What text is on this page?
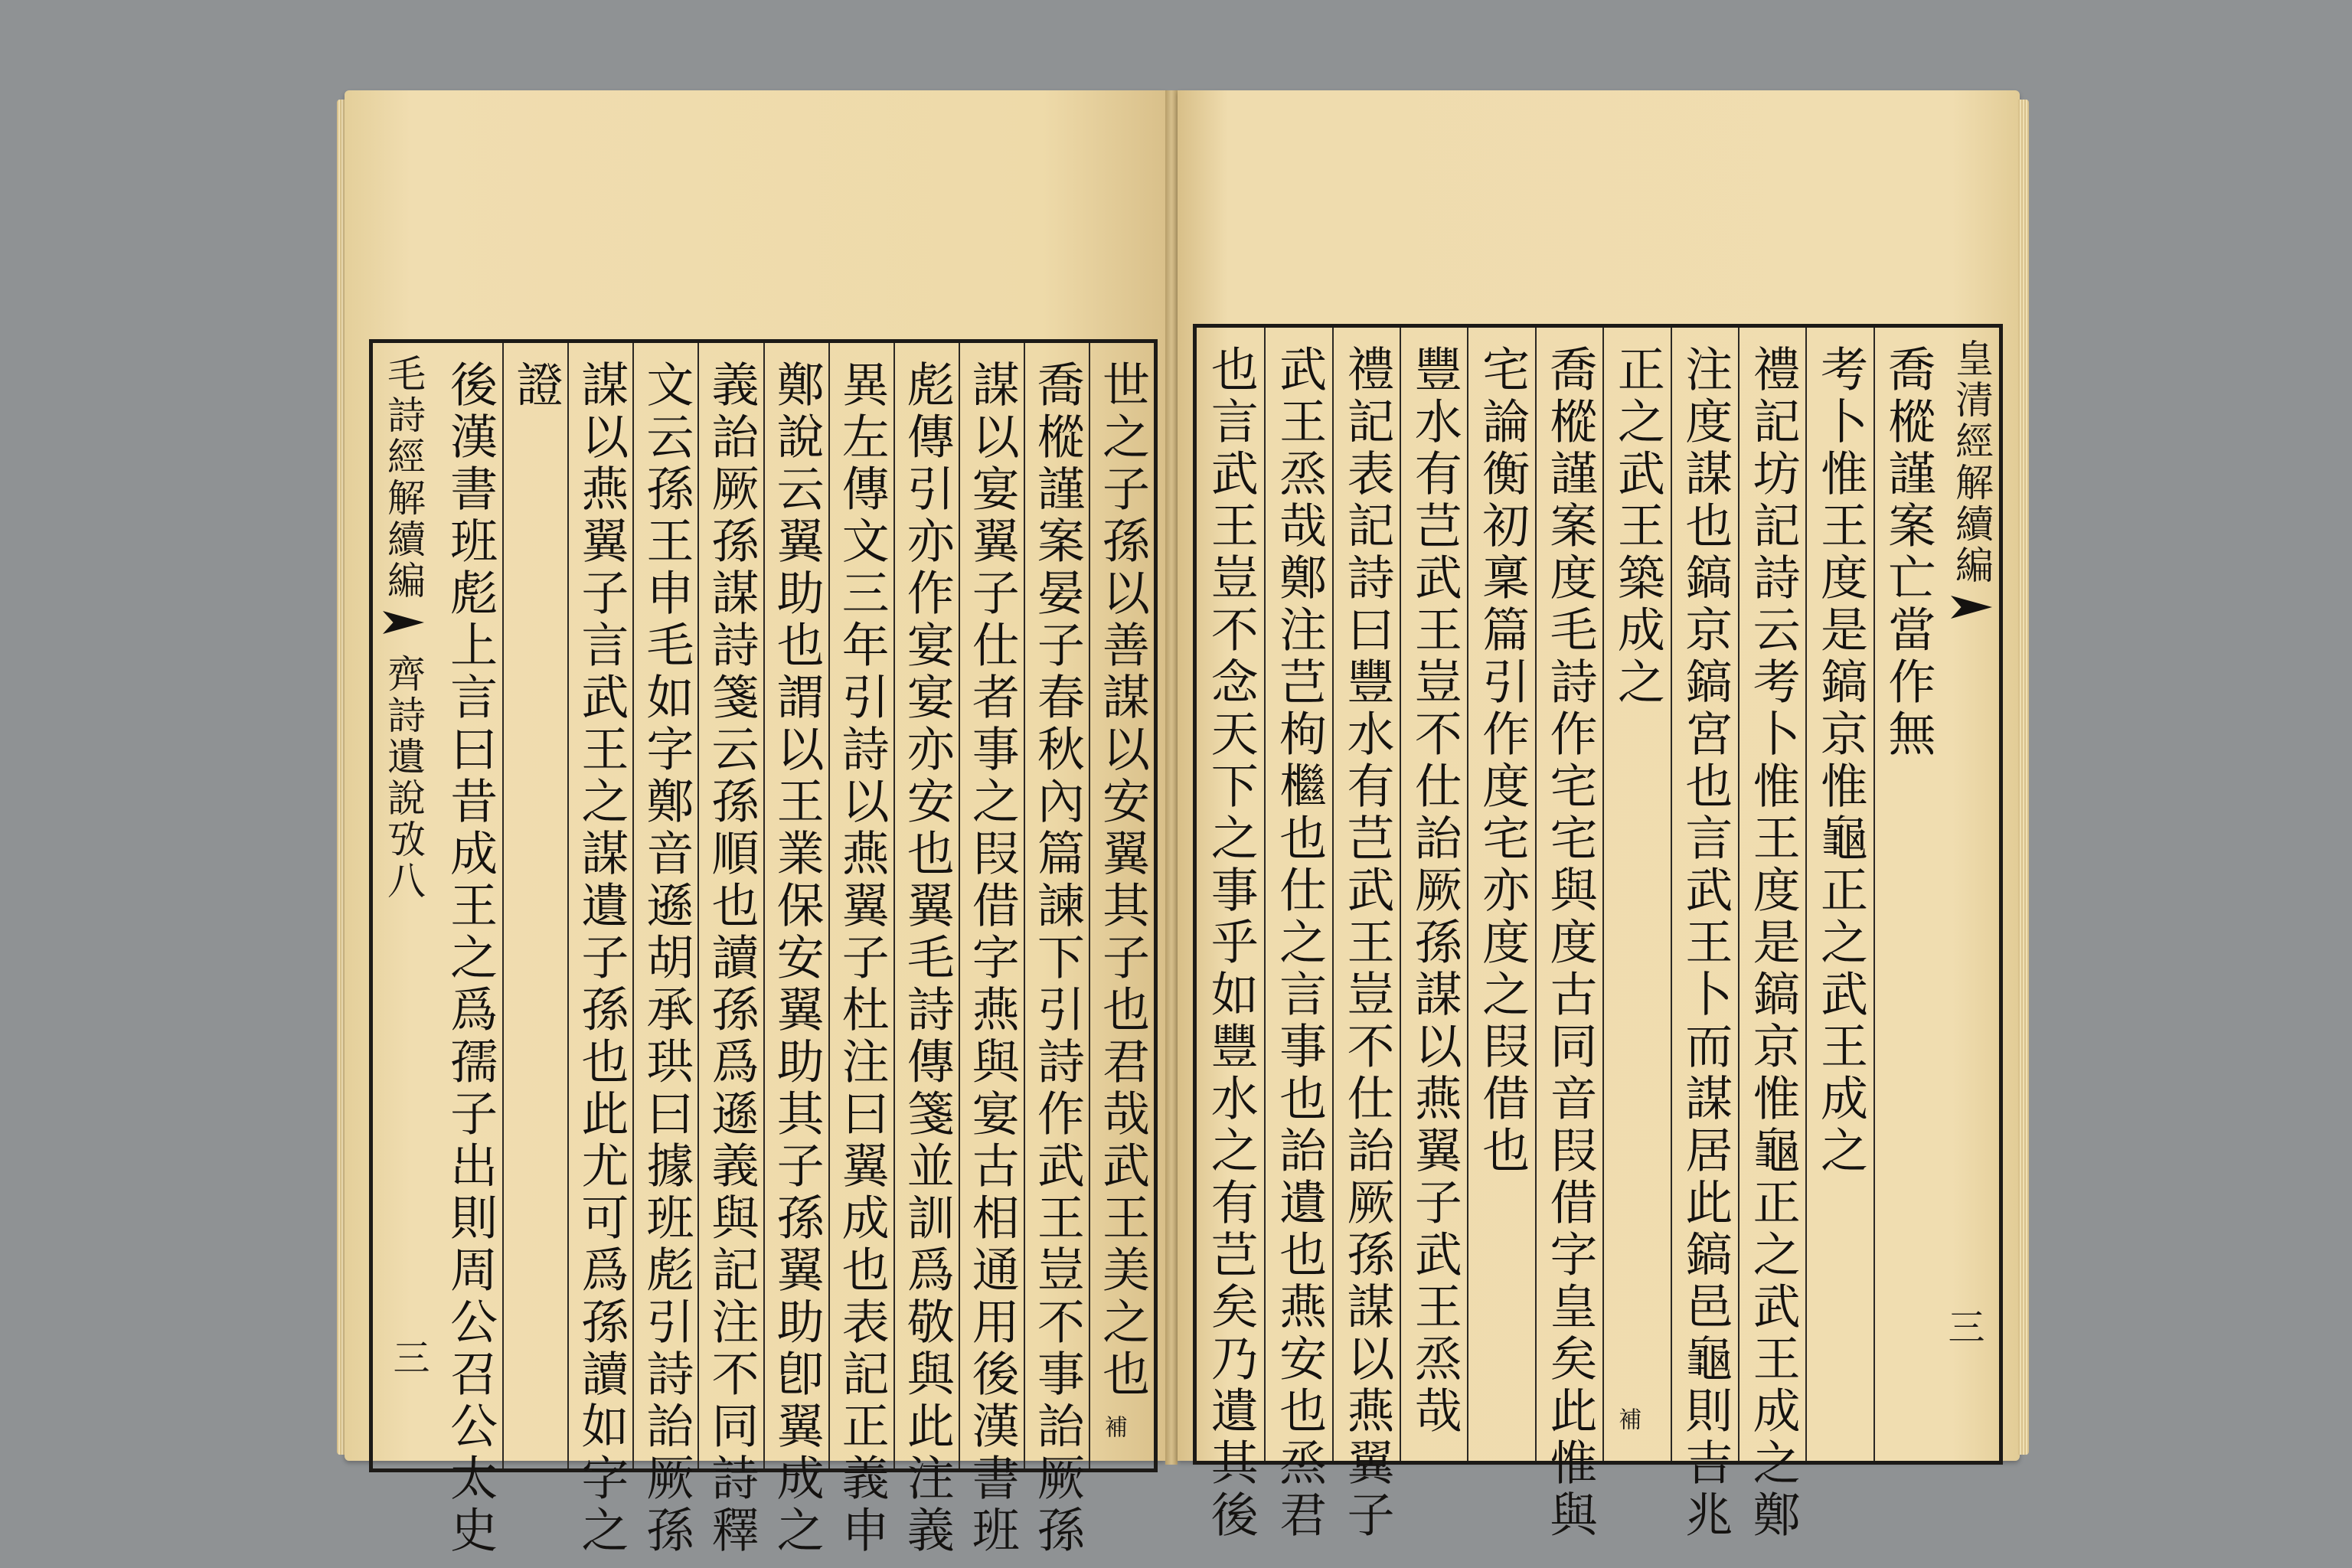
世之子孫以善謀以安翼其子也君哉武王美之也
補
喬樅謹案晏子春秋內篇諫下引詩作武王豈不事詒厥孫
謀以宴翼子仕者事之叚借字燕與宴古相通用後漢書班
彪傳引亦作宴宴亦安也翼毛詩傳箋並訓爲敬與此注義
異左傳文三年引詩以燕翼子杜注曰翼成也表記正義申
鄭說云翼助也謂以王業保安翼助其子孫翼助卽翼成之
義詒厥孫謀詩箋云孫順也讀孫爲遜義與記注不同詩釋
文云孫王申毛如字鄭音遜胡承珙曰據班彪引詩詒厥孫
謀以燕翼子言武王之謀遺子孫也此尤可爲孫讀如字之
證
後漢書班彪上言曰昔成王之爲孺子出則周公召公太史
毛詩經解續編
齊詩遺說攷八
三
喬樅謹案亡當作無
考卜惟王度是鎬京惟龜正之武王成之
禮記坊記詩云考卜惟王度是鎬京惟龜正之武王成之鄭
注度謀也鎬京鎬宮也言武王卜而謀居此鎬邑龜則吉兆
正之武王築成之
補
喬樅謹案度毛詩作宅宅與度古同音叚借字皇矣此惟與
宅論衡初稟篇引作度宅亦度之叚借也
豐水有芑武王豈不仕詒厥孫謀以燕翼子武王烝哉
禮記表記詩曰豐水有芑武王豈不仕詒厥孫謀以燕翼子
武王烝哉鄭注芑枸檵也仕之言事也詒遺也燕安也烝君
也言武王豈不念天下之事乎如豐水之有芑矣乃遺其後	皇清經解續編
三
